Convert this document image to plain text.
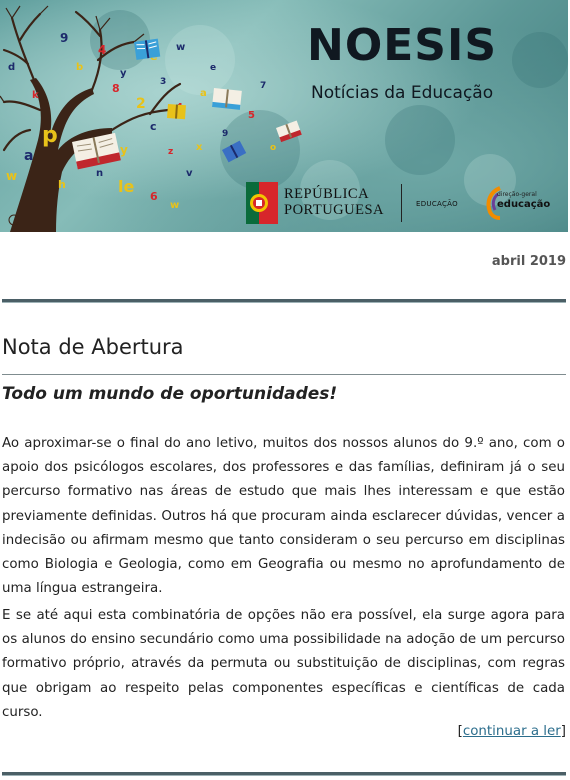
9
4
b
y
8
w
3
2
c
a
e
5
9
x
z
y
p
a
w
h	le
6
w
n	v
7
o
d
k
NOESIS
Notícias da Educação
REPÚBLICA
PORTUGUESA	EDUCAÇÃO
direção-geral
educação
abril 2019
Nota de Abertura
Todo um mundo de oportunidades!

Ao aproximar-se o final do ano letivo, muitos dos nossos alunos do 9.º ano, com o apoio dos psicólogos escolares, dos professores e das famílias, definiram já o seu percurso formativo nas áreas de estudo que mais lhes interessam e que estão previamente definidas. Outros há que procuram ainda esclarecer dúvidas, vencer a indecisão ou afirmam mesmo que tanto consideram o seu percurso em disciplinas como Biologia e Geologia, como em Geografia ou mesmo no aprofundamento de uma língua estrangeira.

E se até aqui esta combinatória de opções não era possível, ela surge agora para os alunos do ensino secundário como uma possibilidade na adoção de um percurso formativo próprio, através da permuta ou substituição de disciplinas, com regras que obrigam ao respeito pelas componentes específicas e científicas de cada curso.

[continuar a ler]
